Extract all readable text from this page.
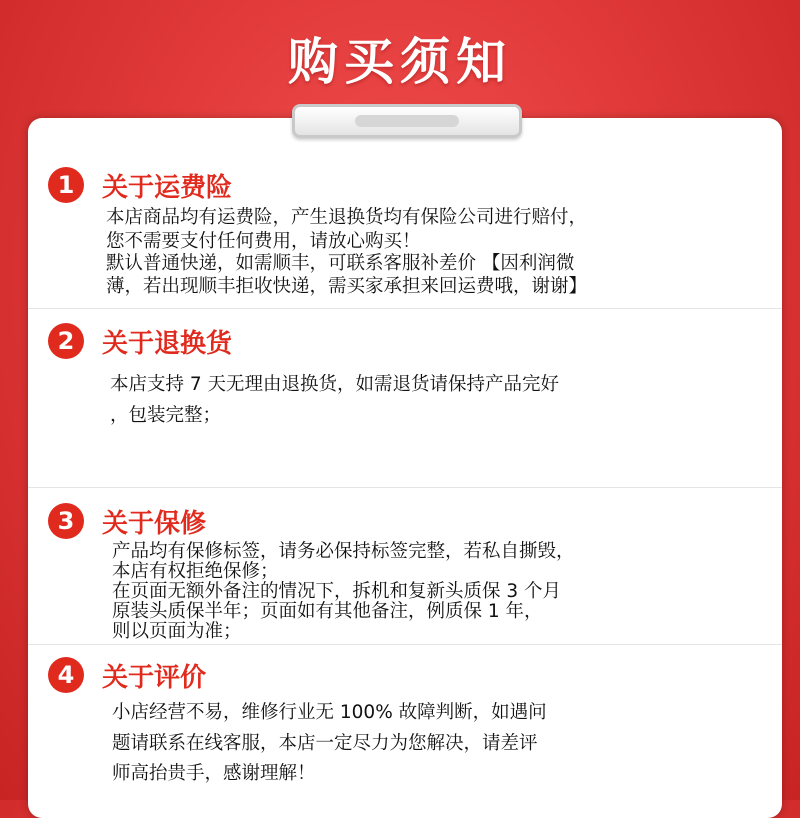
购买须知
1	关于运费险
本店商品均有运费险，产生退换货均有保险公司进行赔付，
您不需要支付任何费用，请放心购买！
默认普通快递，如需顺丰，可联系客服补差价 【因利润微
薄，若出现顺丰拒收快递，需买家承担来回运费哦，谢谢】
2	关于退换货
本店支持 7 天无理由退换货，如需退货请保持产品完好
，包装完整；
3	关于保修
产品均有保修标签，请务必保持标签完整，若私自撕毁，
本店有权拒绝保修；
在页面无额外备注的情况下，拆机和复新头质保 3 个月
原装头质保半年；页面如有其他备注，例质保 1 年，
则以页面为准；
4	关于评价
小店经营不易，维修行业无 100% 故障判断，如遇问
题请联系在线客服，本店一定尽力为您解决，请差评
师高抬贵手，感谢理解！
